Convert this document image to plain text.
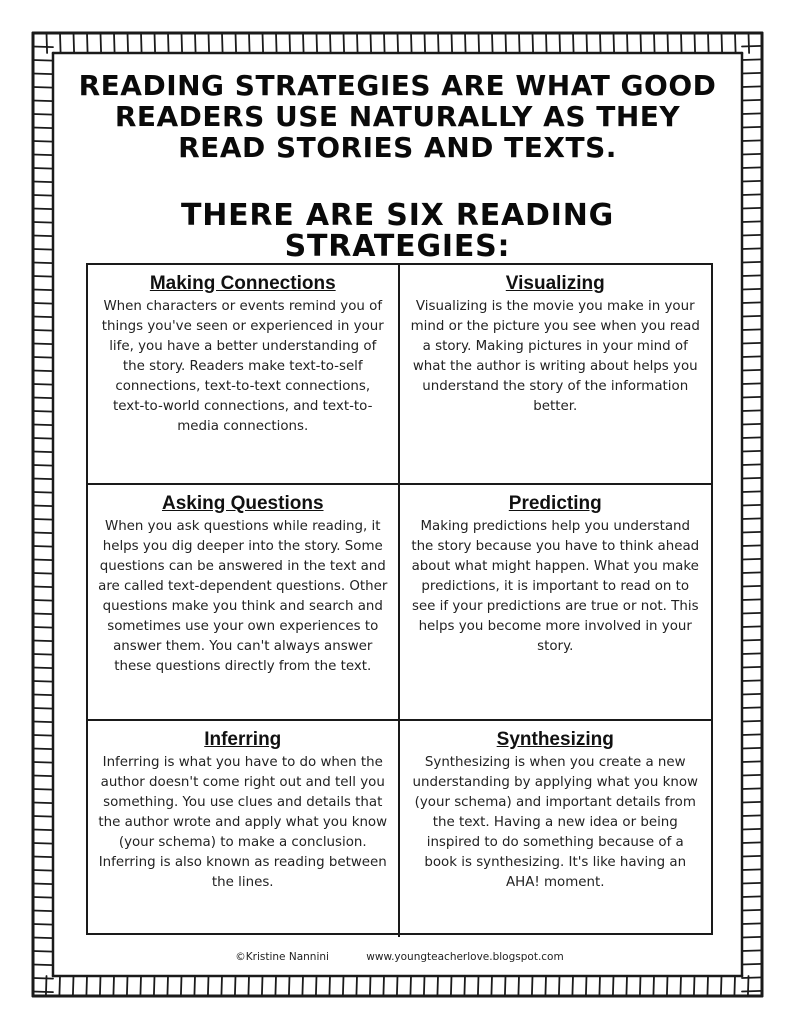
READING STRATEGIES ARE WHAT GOOD READERS USE NATURALLY AS THEY READ STORIES AND TEXTS.
THERE ARE SIX READING STRATEGIES:
Making Connections

When characters or events remind you of things you've seen or experienced in your life, you have a better understanding of the story. Readers make text-to-self connections, text-to-text connections, text-to-world connections, and text-to-media connections.

Visualizing

Visualizing is the movie you make in your mind or the picture you see when you read a story. Making pictures in your mind of what the author is writing about helps you understand the story of the information better.

Asking Questions

When you ask questions while reading, it helps you dig deeper into the story. Some questions can be answered in the text and are called text-dependent questions. Other questions make you think and search and sometimes use your own experiences to answer them. You can't always answer these questions directly from the text.

Predicting

Making predictions help you understand the story because you have to think ahead about what might happen. What you make predictions, it is important to read on to see if your predictions are true or not. This helps you become more involved in your story.

Inferring

Inferring is what you have to do when the author doesn't come right out and tell you something. You use clues and details that the author wrote and apply what you know (your schema) to make a conclusion. Inferring is also known as reading between the lines.

Synthesizing

Synthesizing is when you create a new understanding by applying what you know (your schema) and important details from the text. Having a new idea or being inspired to do something because of a book is synthesizing. It's like having an AHA! moment.

©Kristine Nannini	www.youngteacherlove.blogspot.com
